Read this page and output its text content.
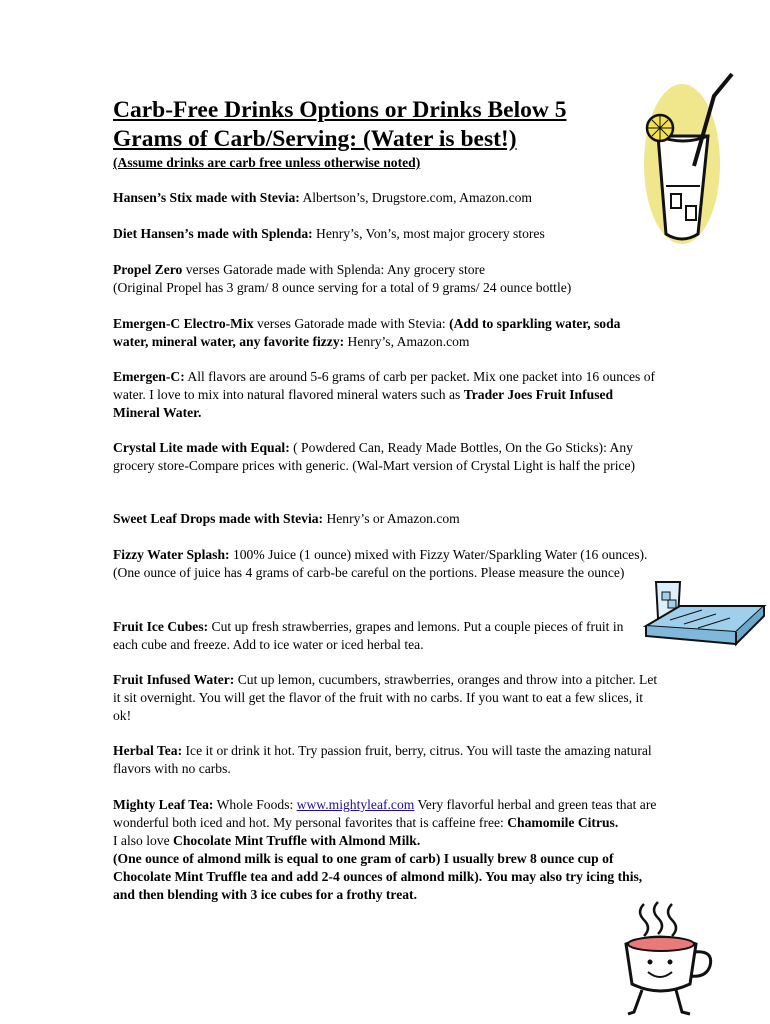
Carb-Free Drinks Options or Drinks Below 5
Grams of Carb/Serving: (Water is best!)

(Assume drinks are carb free unless otherwise noted)

Hansen’s Stix made with Stevia: Albertson’s, Drugstore.com, Amazon.com

Diet Hansen’s made with Splenda: Henry’s, Von’s, most major grocery stores

Propel Zero verses Gatorade made with Splenda: Any grocery store
(Original Propel has 3 gram/ 8 ounce serving for a total of 9 grams/ 24 ounce bottle)

Emergen-C Electro-Mix verses Gatorade made with Stevia: (Add to sparkling water, soda water, mineral water, any favorite fizzy: Henry’s, Amazon.com

Emergen-C: All flavors are around 5-6 grams of carb per packet. Mix one packet into 16 ounces of water. I love to mix into natural flavored mineral waters such as Trader Joes Fruit Infused Mineral Water.

Crystal Lite made with Equal: ( Powdered Can, Ready Made Bottles, On the Go Sticks): Any grocery store-Compare prices with generic. (Wal-Mart version of Crystal Light is half the price)

Sweet Leaf Drops made with Stevia: Henry’s or Amazon.com

Fizzy Water Splash: 100% Juice (1 ounce) mixed with Fizzy Water/Sparkling Water (16 ounces). (One ounce of juice has 4 grams of carb-be careful on the portions. Please measure the ounce)

Fruit Ice Cubes: Cut up fresh strawberries, grapes and lemons. Put a couple pieces of fruit in each cube and freeze. Add to ice water or iced herbal tea.

Fruit Infused Water: Cut up lemon, cucumbers, strawberries, oranges and throw into a pitcher. Let it sit overnight. You will get the flavor of the fruit with no carbs. If you want to eat a few slices, it ok!

Herbal Tea: Ice it or drink it hot. Try passion fruit, berry, citrus. You will taste the amazing natural flavors with no carbs.

Mighty Leaf Tea: Whole Foods: www.mightyleaf.com Very flavorful herbal and green teas that are wonderful both iced and hot. My personal favorites that is caffeine free: Chamomile Citrus.
I also love Chocolate Mint Truffle with Almond Milk.
(One ounce of almond milk is equal to one gram of carb) I usually brew 8 ounce cup of Chocolate Mint Truffle tea and add 2-4 ounces of almond milk). You may also try icing this, and then blending with 3 ice cubes for a frothy treat.
